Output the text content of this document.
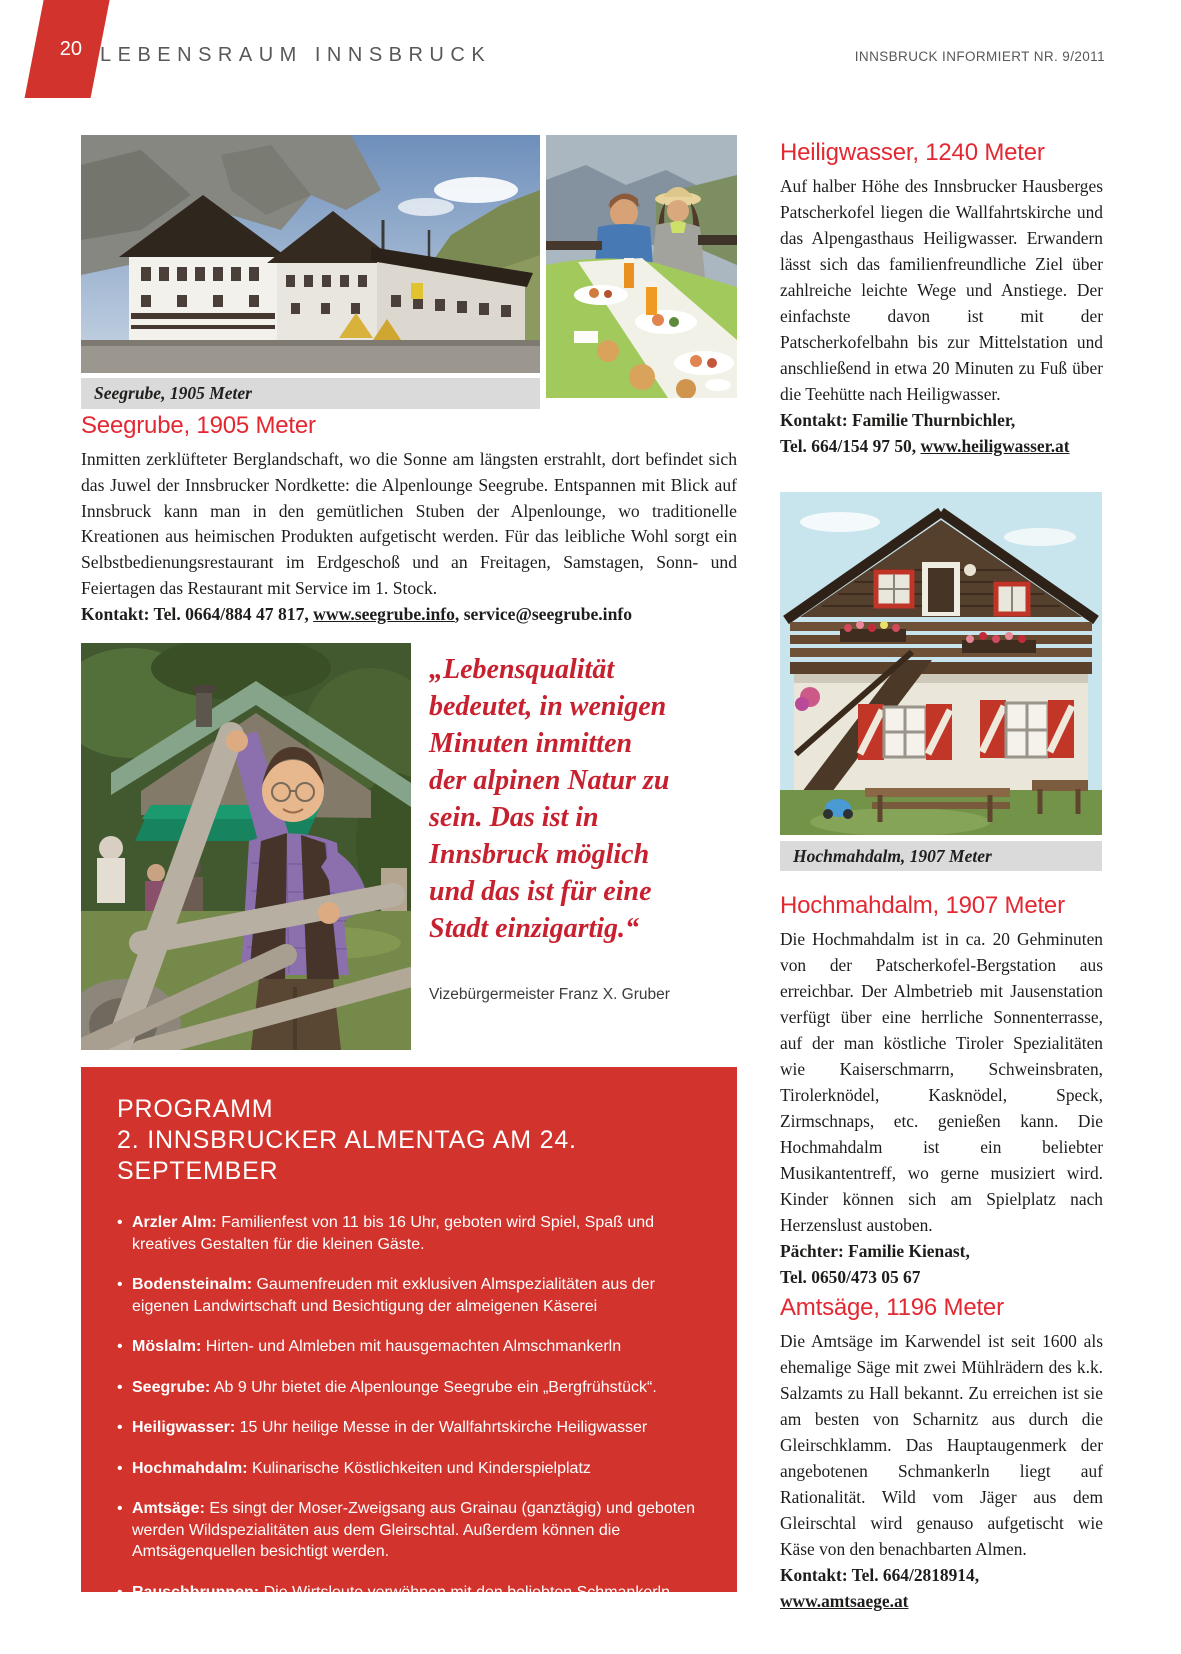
20 LEBENSRAUM INNSBRUCK	INNSBRUCK INFORMIERT NR. 9/2011
Seegrube, 1905 Meter
Seegrube, 1905 Meter
Inmitten zerklüfteter Berglandschaft, wo die Sonne am längsten erstrahlt, dort befindet sich das Juwel der Innsbrucker Nordkette: die Alpenlounge Seegrube. Entspannen mit Blick auf Innsbruck kann man in den gemütlichen Stuben der Alpenlounge, wo traditionelle Kreationen aus heimischen Produkten aufgetischt werden. Für das leibliche Wohl sorgt ein Selbstbedienungsrestaurant im Erdgeschoß und an Freitagen, Samstagen, Sonn- und Feiertagen das Restaurant mit Service im 1. Stock.
Kontakt: Tel. 0664/884 47 817, www.seegrube.info, service@seegrube.info
„Lebensqualität
bedeutet, in wenigen
Minuten inmitten
der alpinen Natur zu
sein. Das ist in
Innsbruck möglich
und das ist für eine
Stadt einzigartig.“
Vizebürgermeister Franz X. Gruber
PROGRAMM
2. INNSBRUCKER ALMENTAG AM 24. SEPTEMBER
• Arzler Alm: Familienfest von 11 bis 16 Uhr, geboten wird Spiel, Spaß und kreatives Gestalten für die kleinen Gäste.
• Bodensteinalm: Gaumenfreuden mit exklusiven Almspezialitäten aus der eigenen Landwirtschaft und Besichtigung der almeigenen Käserei
• Möslalm: Hirten- und Almleben mit hausgemachten Almschmankerln
• Seegrube: Ab 9 Uhr bietet die Alpenlounge Seegrube ein „Bergfrühstück“.
• Heiligwasser: 15 Uhr heilige Messe in der Wallfahrtskirche Heiligwasser
• Hochmahdalm: Kulinarische Köstlichkeiten und Kinderspielplatz
• Amtsäge: Es singt der Moser-Zweigsang aus Grainau (ganztägig) und geboten werden Wildspezialitäten aus dem Gleirschtal. Außerdem können die Amtsägenquellen besichtigt werden.
• Rauschbrunnen: Die Wirtsleute verwöhnen mit den beliebten Schmankerln und Almmusik und Sängern.
Heiligwasser, 1240 Meter
Auf halber Höhe des Innsbrucker Hausberges Patscherkofel liegen die Wallfahrtskirche und das Alpengasthaus Heiligwasser. Erwandern lässt sich das familienfreundliche Ziel über zahlreiche leichte Wege und Anstiege. Der einfachste davon ist mit der Patscherkofelbahn bis zur Mittelstation und anschließend in etwa 20 Minuten zu Fuß über die Teehütte nach Heiligwasser.
Kontakt: Familie Thurnbichler,
Tel. 664/154 97 50, www.heiligwasser.at
Hochmahdalm, 1907 Meter
Hochmahdalm, 1907 Meter
Die Hochmahdalm ist in ca. 20 Gehminuten von der Patscherkofel-Bergstation aus erreichbar. Der Almbetrieb mit Jausenstation verfügt über eine herrliche Sonnenterrasse, auf der man köstliche Tiroler Spezialitäten wie Kaiserschmarrn, Schweinsbraten, Tirolerknödel, Kasknödel, Speck, Zirmschnaps, etc. genießen kann. Die Hochmahdalm ist ein beliebter Musikantentreff, wo gerne musiziert wird. Kinder können sich am Spielplatz nach Herzenslust austoben.
Pächter: Familie Kienast,
Tel. 0650/473 05 67
Amtsäge, 1196 Meter
Die Amtsäge im Karwendel ist seit 1600 als ehemalige Säge mit zwei Mühlrädern des k.k. Salzamts zu Hall bekannt. Zu erreichen ist sie am besten von Scharnitz aus durch die Gleirschklamm. Das Hauptaugenmerk der angebotenen Schmankerln liegt auf Rationalität. Wild vom Jäger aus dem Gleirschtal wird genauso aufgetischt wie Käse von den benachbarten Almen.
Kontakt: Tel. 664/2818914,
www.amtsaege.at
